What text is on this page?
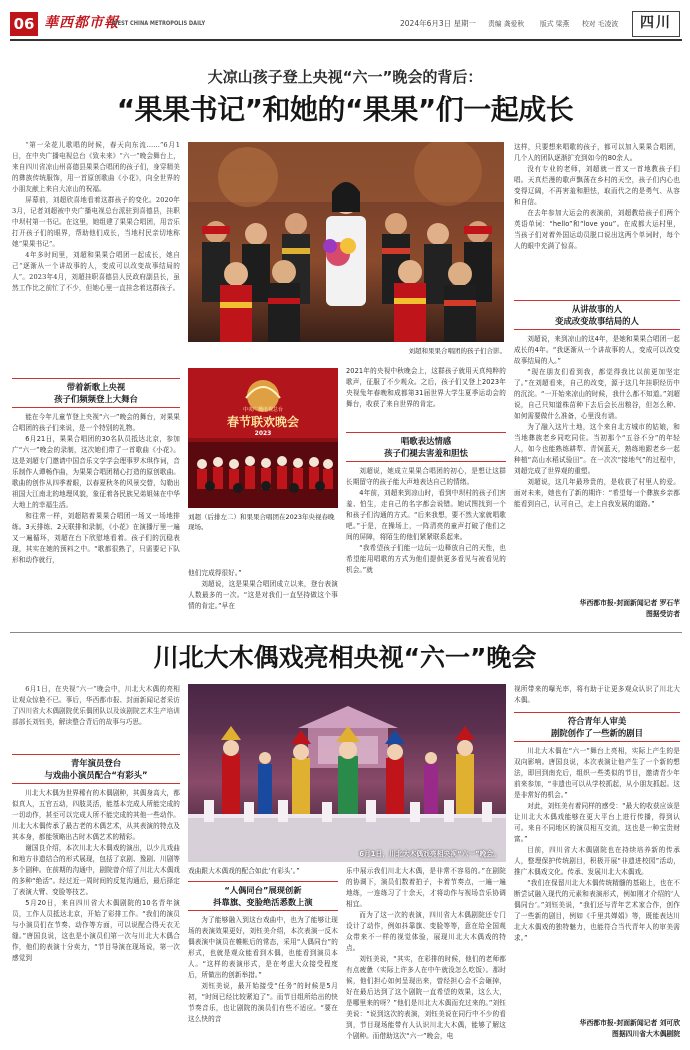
06 華西都市報
WEST CHINA METROPOLIS DAILY	2024年6月3日 星期一 责编 龚爱秋 版式 梁燕 校对 毛凌波	四川
大凉山孩子登上央视“六一”晚会的背后：
“果果书记”和她的“果果”们一起成长

“第一朵花儿歌唱的时候，春天向东流……”6月1日，在中央广播电视总台《致未来》“六一”晚会舞台上，来自四川省凉山州喜德县果果合唱团的孩子们，身穿精美的彝族传统服饰，用一首原创歌曲《小花》，向全世界的小朋友献上来自大凉山的祝福。

屏幕前，刘超欣喜地看着这群孩子的变化。2020年3月，记者刘超被中央广播电视总台派驻到喜德县，挂职中坝村第一书记。在这里，她组建了果果合唱团，用音乐打开孩子们的眼界，帮助他们成长，当地村民亲切地称她“果果书记”。

4年多时间里，刘超和果果合唱团一起成长，她自己“逐渐从一个讲故事的人，变成可以改变故事结局的人”。2023年4月，刘超挂职喜德县人民政府副县长，虽然工作比之前忙了不少，但她心里一直挂念着这群孩子。

刘超和果果合唱团的孩子们合影。
带着新歌上央视
孩子们频频登上大舞台

能在今年儿童节登上央视“六一”晚会的舞台，对果果合唱团的孩子们来说，是一个特别的礼物。

6月21日，果果合唱团的30名队员抵达北京，参加广“六一”晚会的录制，这次她们带了一首歌曲《小花》。这是刘超专门邀请中国音乐文学学会理事罗木琪作词，音乐制作人谭畅作曲，为果果合唱团精心打造的原创歌曲。歌曲的创作从四季着眼，以春夏秋冬的风景交替，勾勒出祖国大江南北的地理风貌，象征着各民族兄弟姐妹在中华大地上的幸福生活。

和往常一样，刘超陪着果果合唱团一场又一场地排练。3天排练、2天联排和录制，《小花》在演播厅里一遍又一遍循环，刘超在台下欣慰地看着。孩子们的沉稳表现，其实在她的预料之中。“歌都很熟了，只需要记下队形和动作就行，

中央广播电视总台
春节联欢晚会
2023
刘超（后排左二）和果果合唱团在2023年央视春晚现场。

他们完成得很好。”

刘超说，这是果果合唱团成立以来，登台表演人数最多的一次。“这是对我们一直坚持做这个事情的肯定。”早在

2021年的央视中秋晚会上，这群孩子就用天真纯粹的歌声，征服了不少观众。之后，孩子们又登上2023年央视兔年春晚和成都第31届世界大学生夏季运动会的舞台，收获了来自世界的肯定。

唱歌表达情感
孩子们褪去害羞和胆怯

刘超说，她成立果果合唱团的初心，是想让这群长期留守的孩子能大声地表达自己的情绪。

4年前，刘超来到凉山时，看到中坝村的孩子们害羞、怕生，走自己的名字都会说错。她试图找到一个和孩子们沟通的方式。“后来我想，要不然大家就唱歌吧。”于是，在操场上，一阵清亮的童声打破了他们之间的屏障，将陌生的他们紧紧联系起来。

“我希望孩子们能一边玩一边释放自己的天性，也希望能用唱歌的方式为他们提供更多看见与被看见的机会。”就

这样，只要想来唱歌的孩子，都可以加入果果合唱团，几个人的团队逐渐扩充到如今的80余人。

没有专业的老师，刘超就一首又一首地教孩子们唱。天真烂漫的歌声飘荡在乡村的天空，孩子们内心也变得辽阔，不再害羞和胆怯，取而代之的是勇气、从容和自信。

在去年参加大运会的表演前，刘超教给孩子们两个英语单词：“hello”和“love you”。在成都大运村里，当孩子们对着外国运动员脱口说出这两个单词时，每个人的眼中充满了惊喜。

从讲故事的人
变成改变故事结局的人

刘超说，来到凉山的这4年，是她和果果合唱团一起成长的4年。“我逐渐从一个讲故事的人，变成可以改变故事结局的人。”

“现在朋友们看到我，都觉得我比以前更加坚定了。”在刘超看来，自己的改变，源于这几年挂职经历中的沉淀。“一开始来凉山的时候，我什么都不知道。”刘超说，自己只知道株苗种下去后会长出粮谷，但怎么种、如何需要做什么准备，心里没有谱。

为了融入这片土地，这个来自北方城市的姑娘，和当地彝族老乡同吃同住。当初那个“五谷不分”的年轻人，如今也能熟练耕犁、青饲蓝天，熟练地跟老乡一起种植“高山水稻试验田”。在一次次“接地气”的过程中，刘超完成了世界观的重塑。

刘超说，这几年最珍贵的，是收获了村里人的爱。面对未来，她也有了新的期许：“希望每一个彝族乡亲都能看到自己，认可自己，走上自我发展的道路。”

华西都市报-封面新闻记者 罗石芊
图据受访者
川北大木偶戏亮相央视“六一”晚会

6月1日，在央视“六一”晚会中，川北大木偶的亮相让观众惊艳不已。事后，华西都市报、封面新闻记者采访了四川省大木偶剧院优乐偶团队以及该剧院艺术生产培训部部长刘钰美，解读整合背后的故事与巧思。

青年演员登台
与戏曲小演员配合“有彩头”

川北大木偶为世界稀有的木偶剧种，其偶身高大，都似真人，五官五动，四肢灵活，能基本完成人所能完成的一切动作，甚至可以完成人所不能完成的其他一些动作。川北大木偶传承了最古老的木偶艺术，从其表演的特点及其本身，都能领略出古时木偶艺术的精彩。

谢国良介绍，本次川北大木偶戏的演出，以少儿戏曲和地方非遗结合的形式展现，包括了京剧、豫剧、川剧等多个剧种。在前期的沟通中，剧院曾介绍了川北大木偶戏的多种“绝活”。经过近一周时间的反复沟通后，最后择定了表演大臂、变脸等技艺。

5月20日，来自四川省大木偶剧院的10名青年演员，工作人员抵达北京，开始了彩排工作。“我们的演员与小演员们在节奏、动作等方面，可以说配合得天衣无缝。”唐国良说，这也是小演员们第一次与川北大木偶合作，他们的表演十分卖力，“节目导演在现场说，第一次感觉到

6月1日，川北大木偶戏亮相央视“六一”晚会。

戏曲跟大木偶戏的配合如此‘有彩头’。”

“人偶同台”展现创新
抖靠旗、变脸绝活悉数上演

为了能够融入到这台戏曲中，也为了能够让现场的表演效果更好，刘钰美介绍，本次表演一反木偶表演中演员在帷帐后的常态，采用“人偶同台”的形式，也就是观众能看到木偶，也能看到演员本人。“这样的表演形式，是在考虑大众接受程度后，所做出的创新举措。”

刘钰美说，最开始接受“任务”的时候是5月初，“时间已经比较紧迫了”。而节目组所给出的快节奏音乐，也让剧院的演员们有些不适应。“要在这么快的音

乐中展示我们川北大木偶，是非常不容易的。”在剧院的协调下，演员们数着拍子，卡着节奏点，一遍一遍地练，一连练习了十余天，才将动作与视场音乐协调相宜。

而为了这一次的表演，四川省大木偶剧院还专门设计了动作，例如抖靠旗、变脸等等，意在给全国观众带来不一样的视觉体验，展现川北大木偶戏的特点。

刘钰美说，“其实，在彩排的时候，他们的老师都有点疲惫（实际上许多人在中午就没怎么吃饭）。那时候，他们担心如何呈现出来，曾经担心会不会砸掉，好在最后达到了这个剧院一直希望的效果，这么大，是哪里来的呀？”他们是川北大木偶而充过来的。”刘钰美说：“说到这次的表演，刘钰美说在同行中不少的看到，节目现场能带有人认识川北大木偶，能够了解这个剧种。而借助这次“六一”晚会，电

视所带来的曝光率，将有助于让更多观众认识了川北大木偶。

符合青年人审美
剧院创作了一些新的剧目

川北大木偶在“六一”舞台上亮相，实际上产生的是双向影响。唐国良说，本次表演让他产生了一个新的想法，即回到南充后，组织一些类似的节目，邀请青少年前来参加，“非遗也可以从学校抓起，从小朋友抓起。这是非常好的机会。”

对此，刘钰美有着同样的感受：“最大的收获应该是让川北大木偶戏能够在更大平台上进行传播，得到认可。来自不同地区的演员相互交流，这也是一种宝贵财富。”

目前，四川省大木偶剧院也在持续培养新的传承人，整理保护传统剧目，积极开展“非遗进校园”活动，推广木偶戏文化。传承、发展川北大木偶戏。

“我们在保留川北大木偶传统精髓的基础上，也在不断尝试融入现代的元素和表演形式，例如刚才介绍的‘人偶同台’。”刘钰美说，“我们还与青年艺术家合作，创作了一些新的剧目，例如《千里共婵娟》等，既能表达川北大木偶戏的独特魅力，也能符合当代青年人的审美需求。”

华西都市报-封面新闻记者 刘可欣
图据四川省大木偶剧院
